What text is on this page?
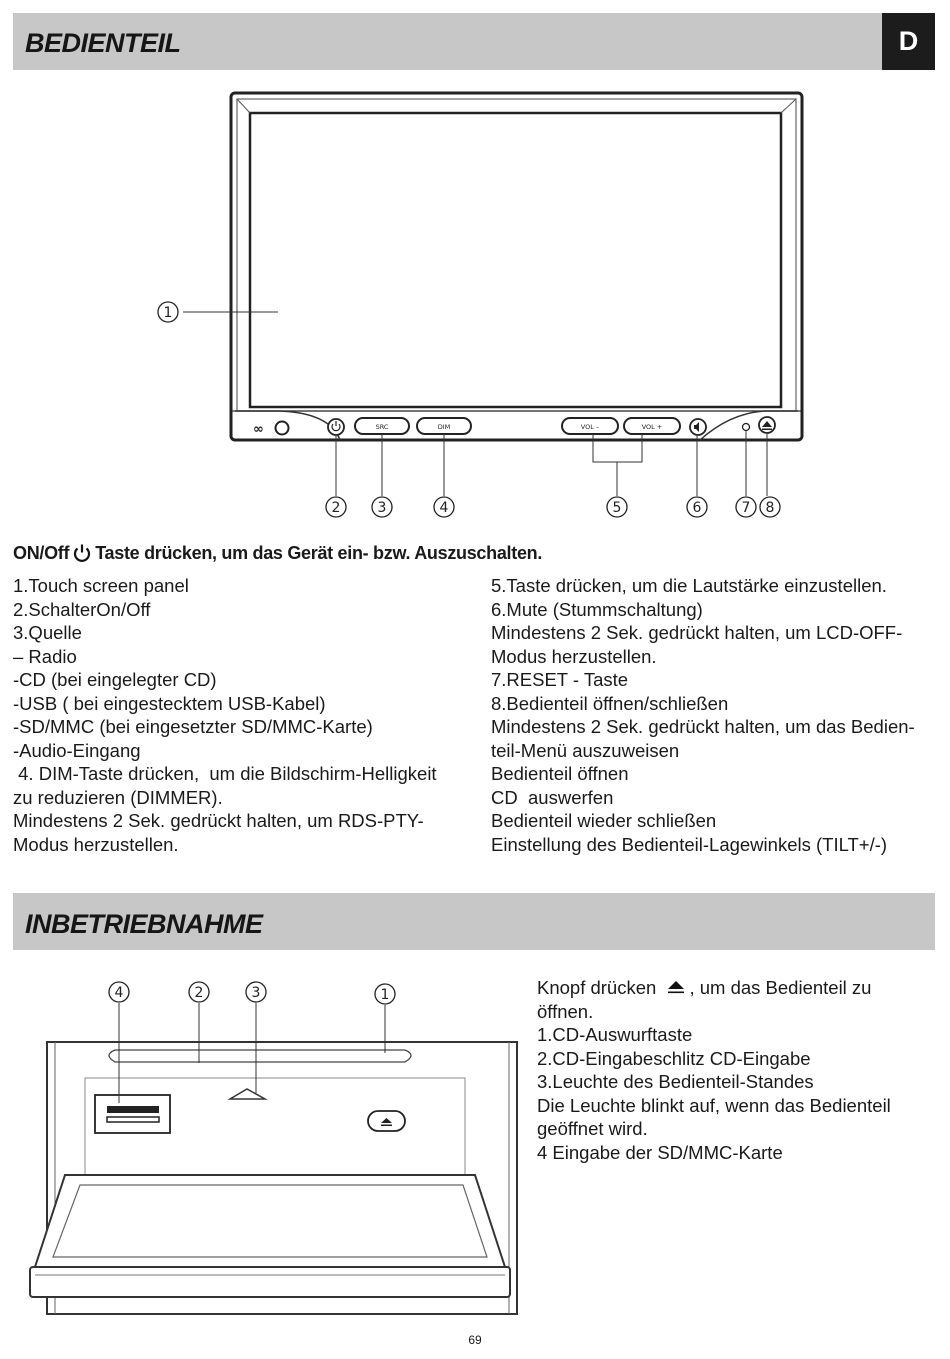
BEDIENTEIL	D
∞	SRC	DIM	VOL –	VOL +
1
2	3	4	5	6	7 8
ON/Off Taste drücken, um das Gerät ein- bzw. Auszuschalten.
1.Touch screen panel
2.SchalterOn/Off
3.Quelle
– Radio
-CD (bei eingelegter CD)
-USB ( bei eingestecktem USB-Kabel)
-SD/MMC (bei eingesetzter SD/MMC-Karte)
-Audio-Eingang
4. DIM-Taste drücken,  um die Bildschirm-Helligkeit
zu reduzieren (DIMMER).
Mindestens 2 Sek. gedrückt halten, um RDS-PTY-
Modus herzustellen.
5.Taste drücken, um die Lautstärke einzustellen.
6.Mute (Stummschaltung)
Mindestens 2 Sek. gedrückt halten, um LCD-OFF-
Modus herzustellen.
7.RESET - Taste
8.Bedienteil öffnen/schließen
Mindestens 2 Sek. gedrückt halten, um das Bedien-
teil-Menü auszuweisen
Bedienteil öffnen
CD  auswerfen
Bedienteil wieder schließen
Einstellung des Bedienteil-Lagewinkels (TILT+/-)
INBETRIEBNAHME
4	2	3	1	Knopf drücken , um das Bedienteil zu
öffnen.
1.CD-Auswurftaste
2.CD-Eingabeschlitz CD-Eingabe
3.Leuchte des Bedienteil-Standes
Die Leuchte blinkt auf, wenn das Bedienteil
geöffnet wird.
4 Eingabe der SD/MMC-Karte
69
